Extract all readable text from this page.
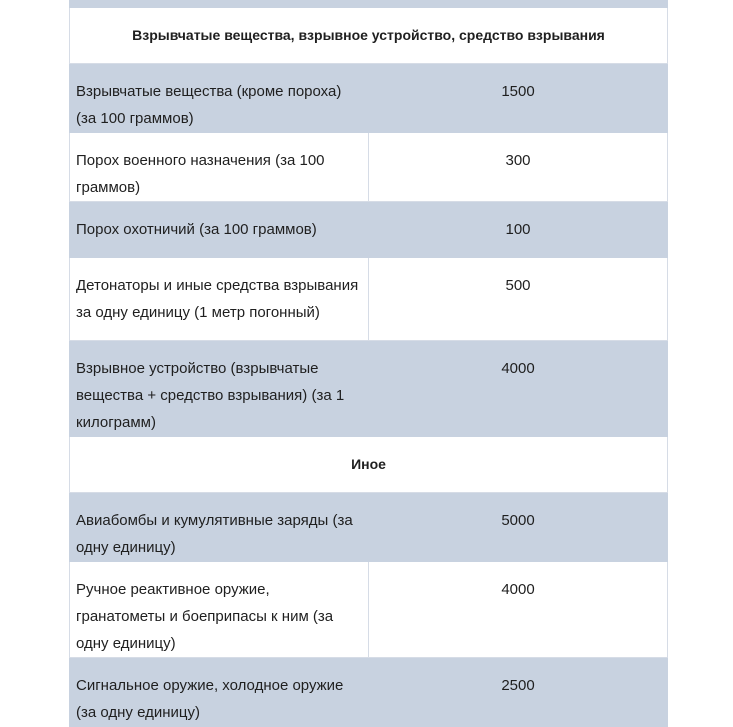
Взрывчатые вещества, взрывное устройство, средство взрывания	
Взрывчатые вещества (кроме пороха) (за 100 граммов)	1500
Порох военного назначения (за 100 граммов)	300
Порох охотничий (за 100 граммов)	100
Детонаторы и иные средства взрывания за одну единицу (1 метр погонный)	500
Взрывное устройство (взрывчатые вещества + средство взрывания) (за 1 килограмм)	4000
Иное	
Авиабомбы и кумулятивные заряды (за одну единицу)	5000
Ручное реактивное оружие, гранатометы и боеприпасы к ним (за одну единицу)	4000
Сигнальное оружие, холодное оружие (за одну единицу)	2500
